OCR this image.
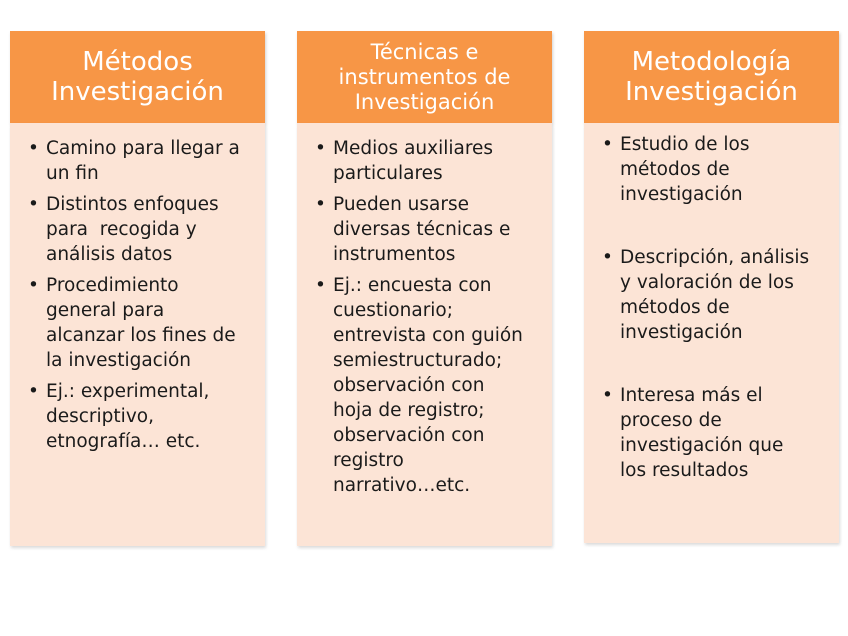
Métodos
Investigación
• Camino para llegar a
un fin
• Distintos enfoques
para  recogida y
análisis datos
• Procedimiento
general para
alcanzar los fines de
la investigación
• Ej.: experimental,
descriptivo,
etnografía… etc.
Técnicas e
instrumentos de
Investigación
• Medios auxiliares
particulares
• Pueden usarse
diversas técnicas e
instrumentos
• Ej.: encuesta con
cuestionario;
entrevista con guión
semiestructurado;
observación con
hoja de registro;
observación con
registro
narrativo…etc.
Metodología
Investigación
• Estudio de los
métodos de
investigación
• Descripción, análisis
y valoración de los
métodos de
investigación
• Interesa más el
proceso de
investigación que
los resultados
